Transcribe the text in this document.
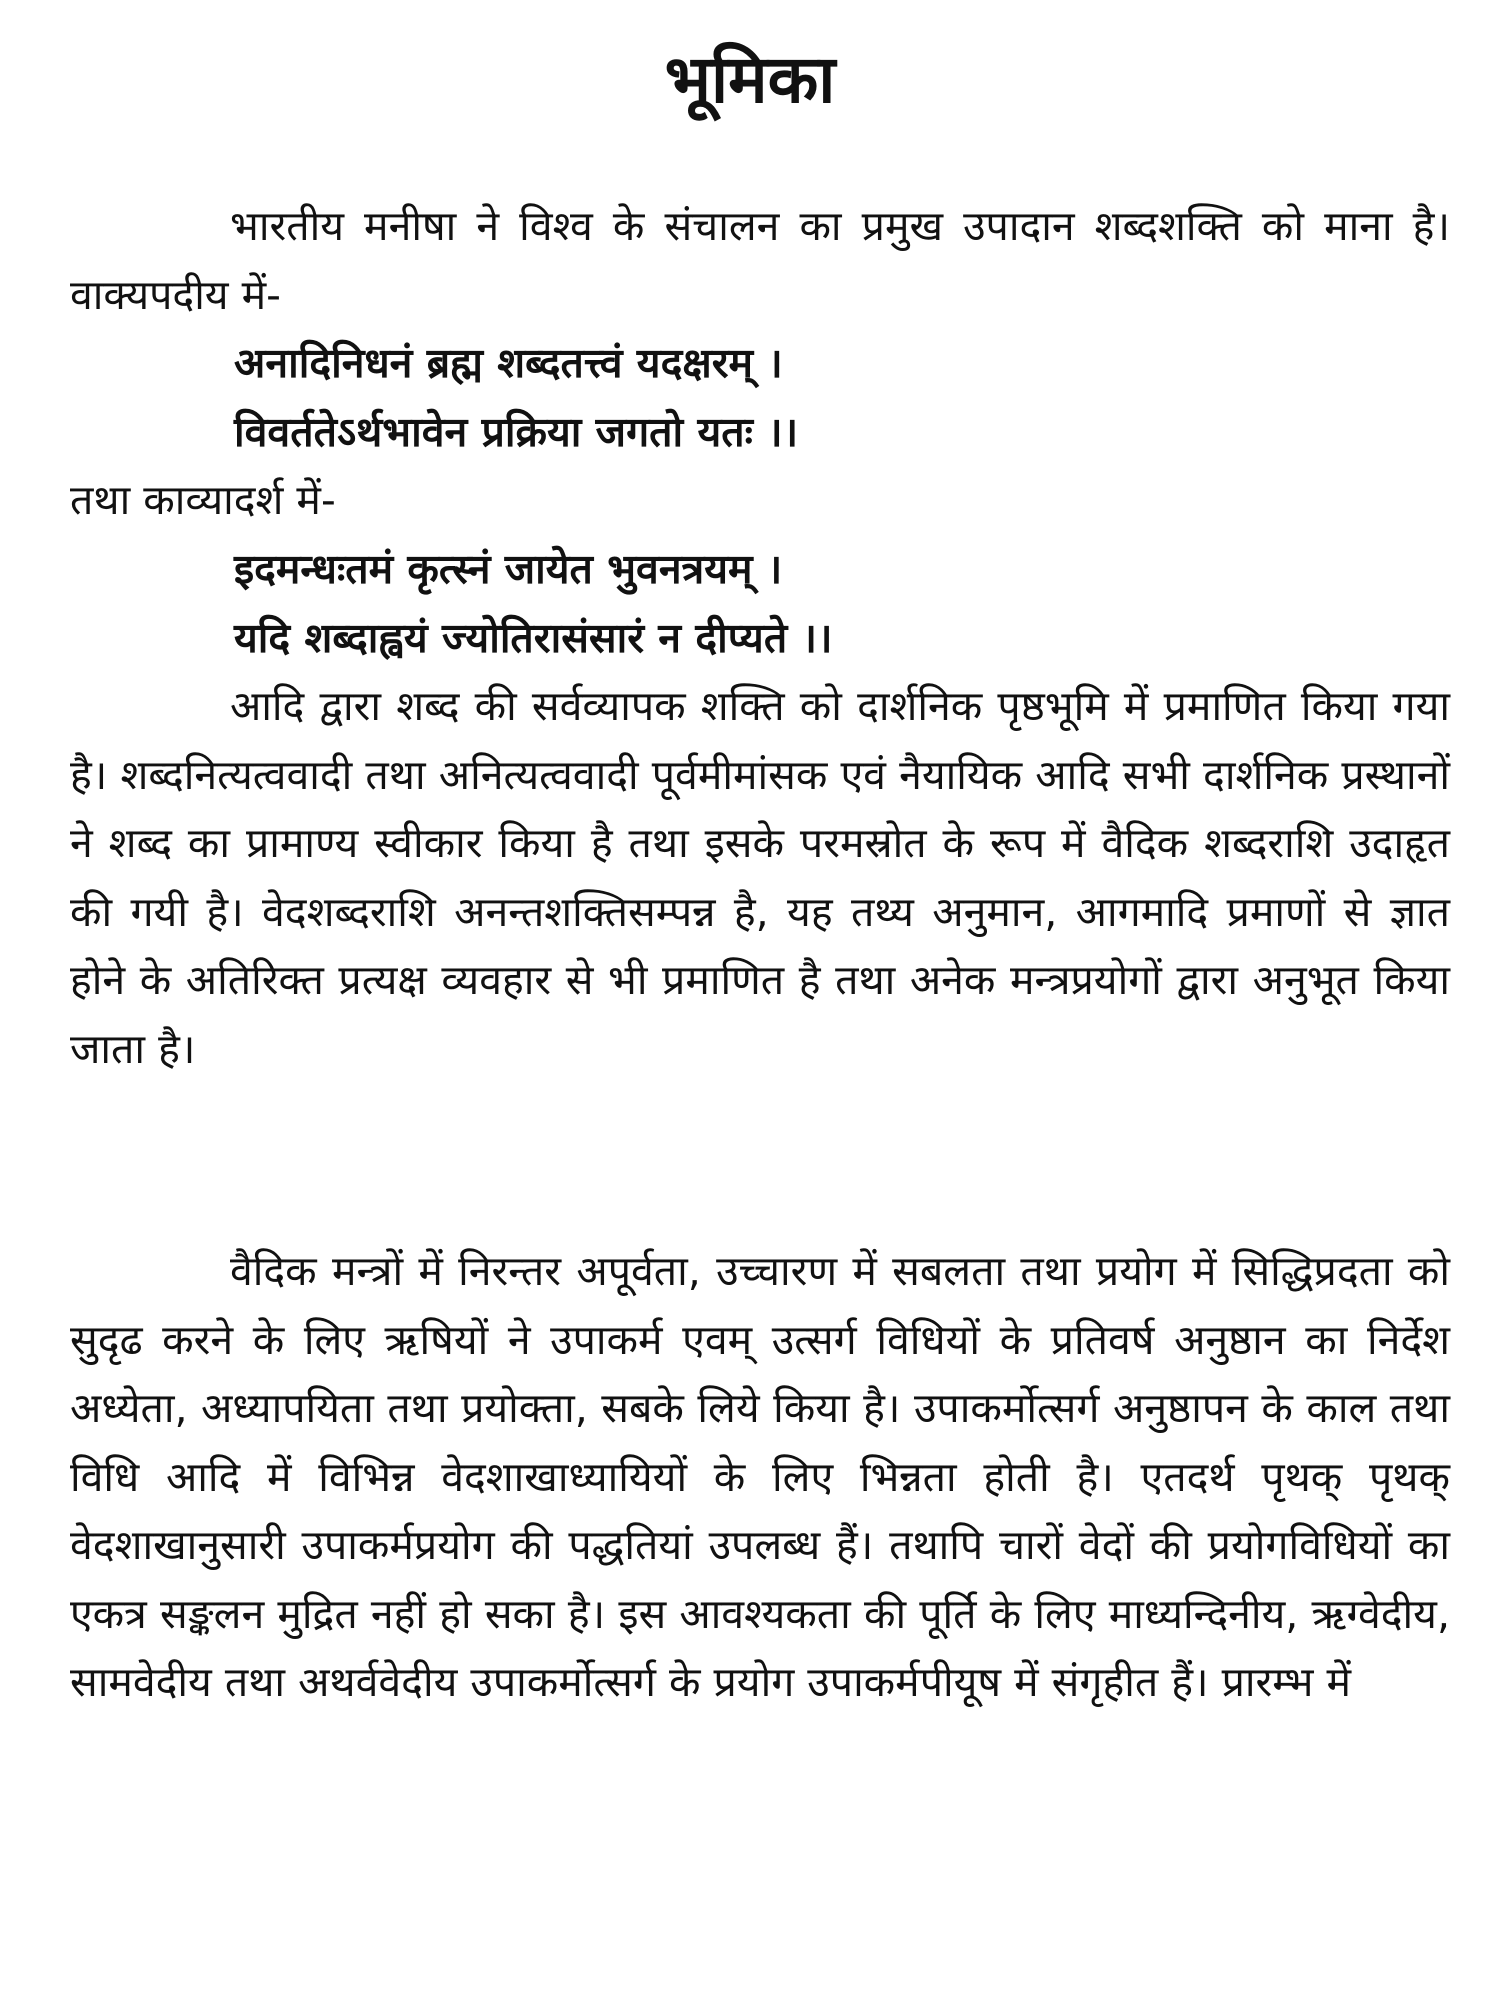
भूमिका

भारतीय मनीषा ने विश्व के संचालन का प्रमुख उपादान शब्दशक्ति को माना है। वाक्यपदीय में-

अनादिनिधनं ब्रह्म शब्दतत्त्वं यदक्षरम् ।
विवर्ततेऽर्थभावेन प्रक्रिया जगतो यतः ।।

तथा काव्यादर्श में-

इदमन्धःतमं कृत्स्नं जायेत भुवनत्रयम् ।
यदि शब्दाह्वयं ज्योतिरासंसारं न दीप्यते ।।

आदि द्वारा शब्द की सर्वव्यापक शक्ति को दार्शनिक पृष्ठभूमि में प्रमाणित किया गया है। शब्दनित्यत्ववादी तथा अनित्यत्ववादी पूर्वमीमांसक एवं नैयायिक आदि सभी दार्शनिक प्रस्थानों ने शब्द का प्रामाण्य स्वीकार किया है तथा इसके परमस्रोत के रूप में वैदिक शब्दराशि उदाहृत की गयी है। वेदशब्दराशि अनन्तशक्तिसम्पन्न है, यह तथ्य अनुमान, आगमादि प्रमाणों से ज्ञात होने के अतिरिक्त प्रत्यक्ष व्यवहार से भी प्रमाणित है तथा अनेक मन्त्रप्रयोगों द्वारा अनुभूत किया जाता है।

वैदिक मन्त्रों में निरन्तर अपूर्वता, उच्चारण में सबलता तथा प्रयोग में सिद्धिप्रदता को सुदृढ करने के लिए ऋषियों ने उपाकर्म एवम् उत्सर्ग विधियों के प्रतिवर्ष अनुष्ठान का निर्देश अध्येता, अध्यापयिता तथा प्रयोक्ता, सबके लिये किया है। उपाकर्मोत्सर्ग अनुष्ठापन के काल तथा विधि आदि में विभिन्न वेदशाखाध्यायियों के लिए भिन्नता होती है। एतदर्थ पृथक् पृथक् वेदशाखानुसारी उपाकर्मप्रयोग की पद्धतियां उपलब्ध हैं। तथापि चारों वेदों की प्रयोगविधियों का एकत्र सङ्कलन मुद्रित नहीं हो सका है। इस आवश्यकता की पूर्ति के लिए माध्यन्दिनीय, ऋग्वेदीय, सामवेदीय तथा अथर्ववेदीय उपाकर्मोत्सर्ग के प्रयोग उपाकर्मपीयूष में संगृहीत हैं। प्रारम्भ में
